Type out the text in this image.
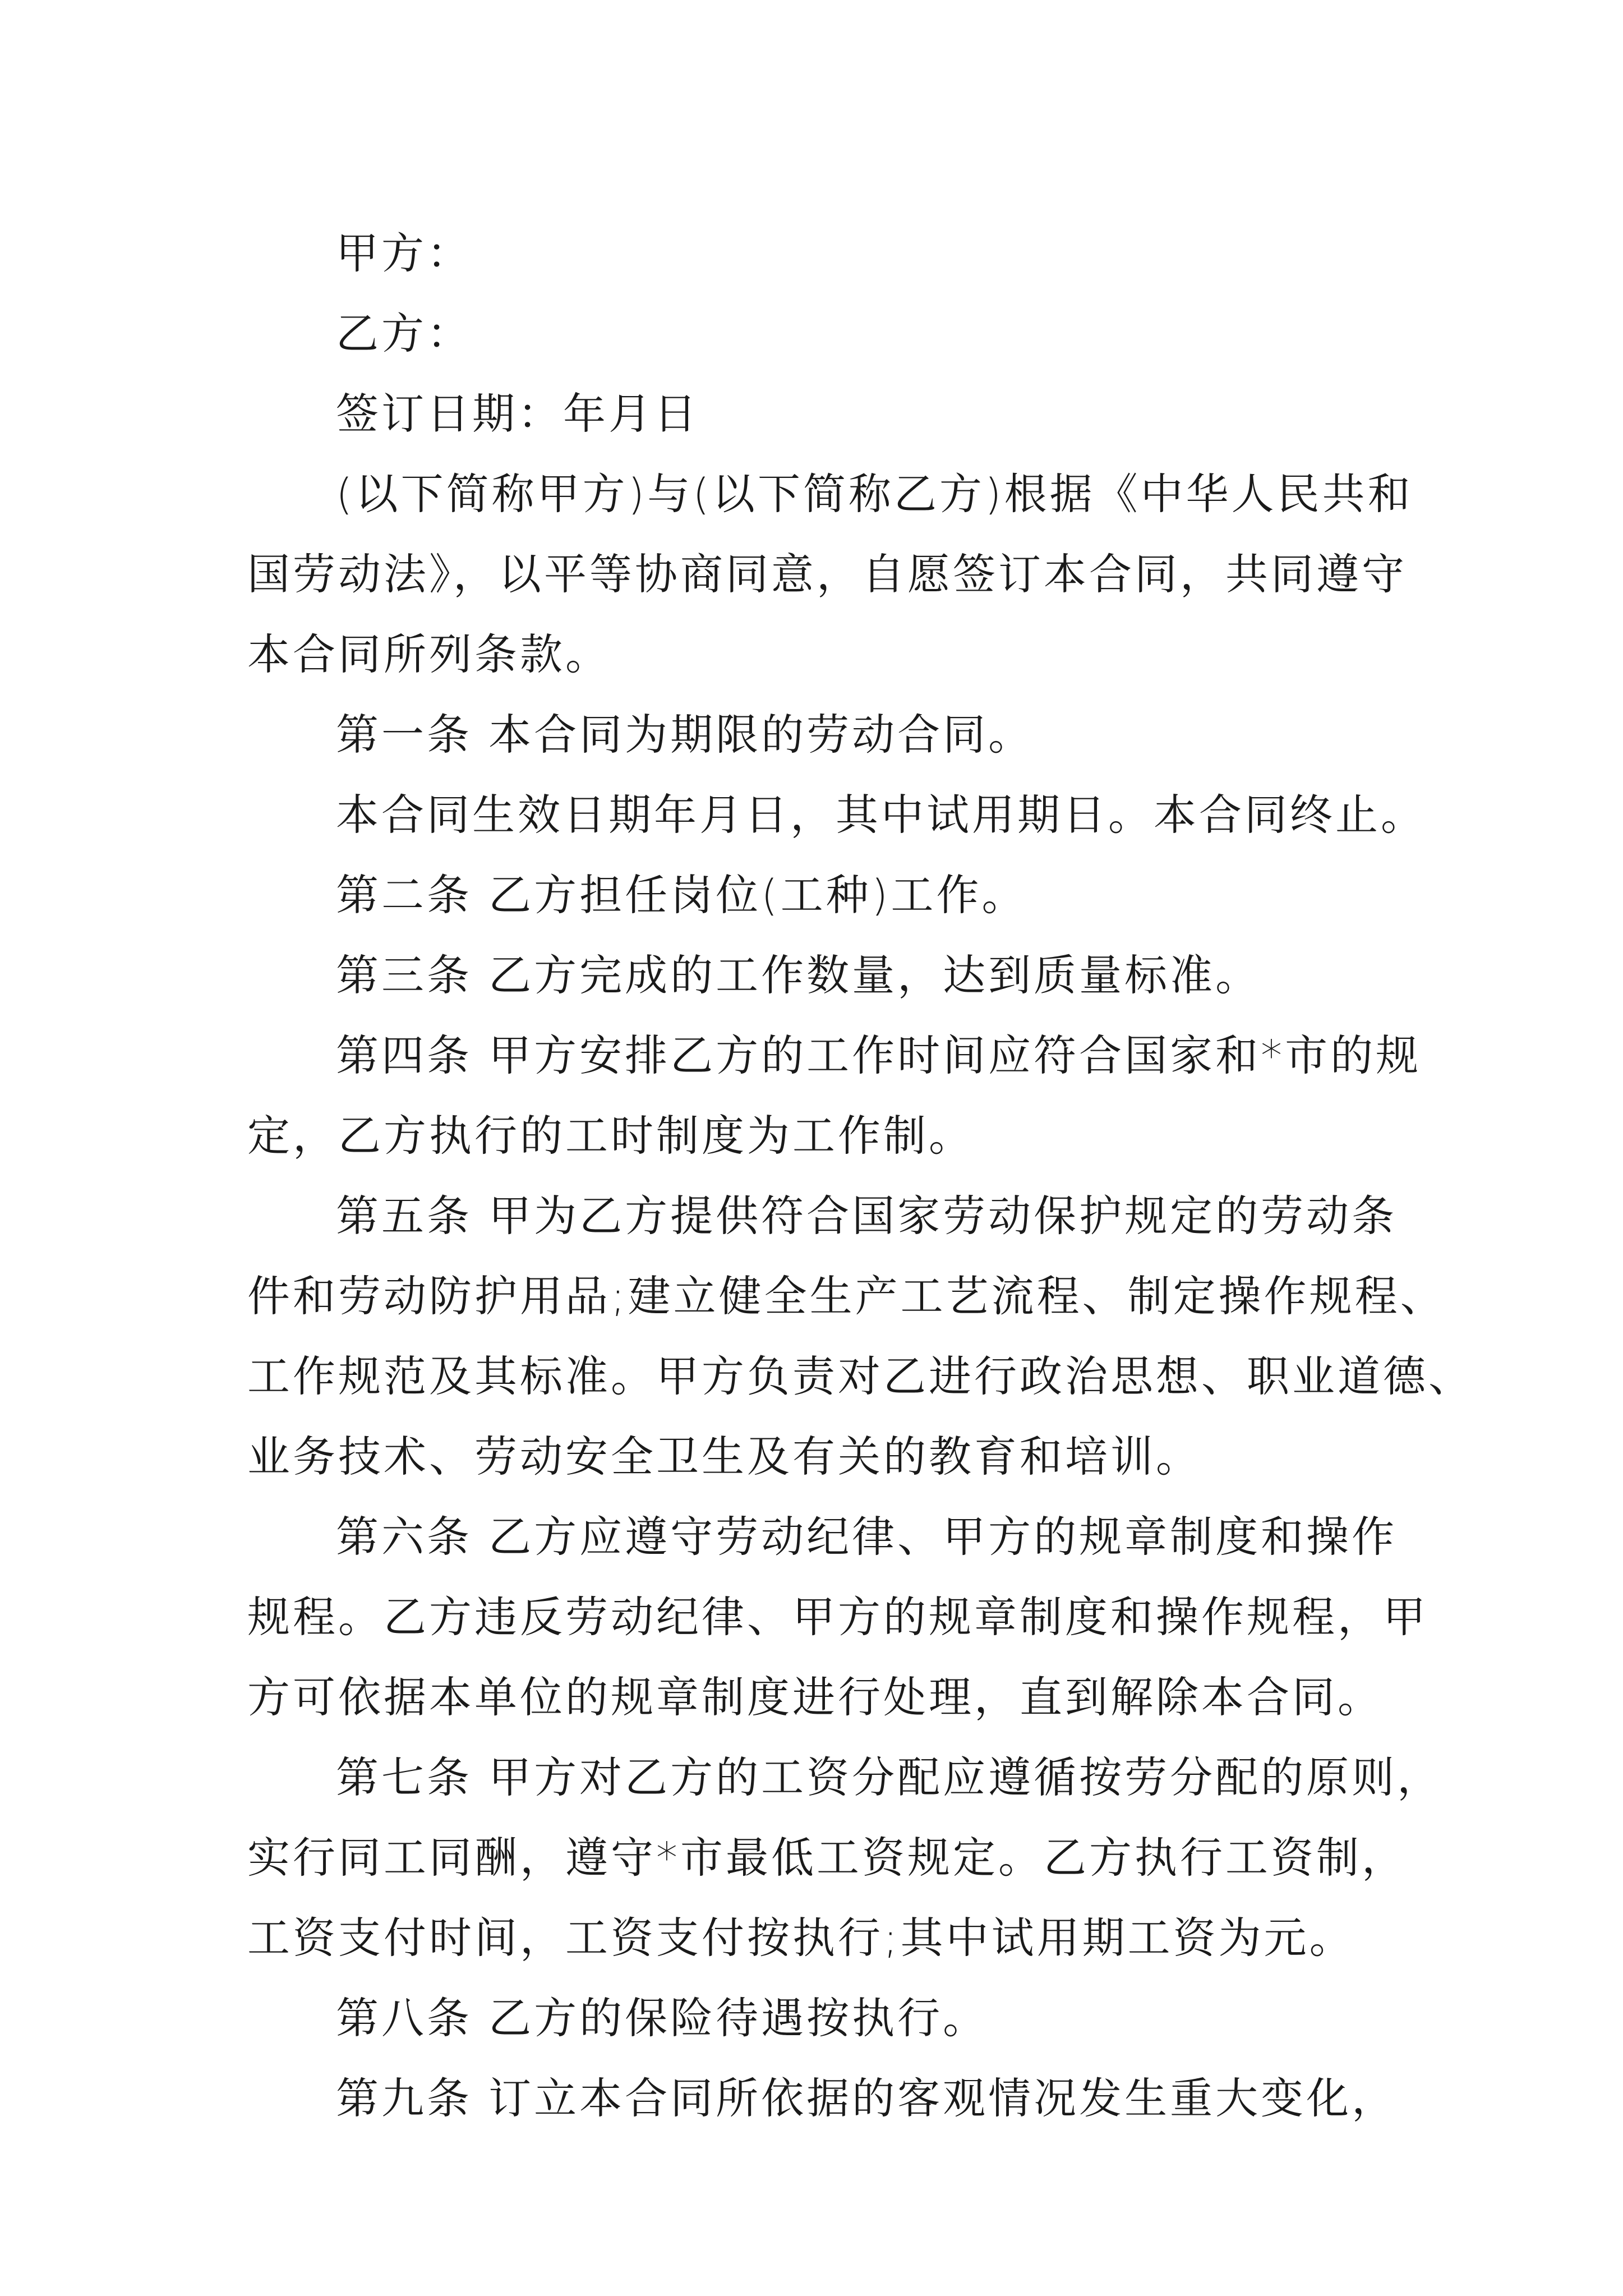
甲方：
乙方：
签订日期：年月日
(以下简称甲方)与(以下简称乙方)根据《中华人民共和
国劳动法》，以平等协商同意，自愿签订本合同，共同遵守
本合同所列条款。
第一条 本合同为期限的劳动合同。
本合同生效日期年月日，其中试用期日。本合同终止。
第二条 乙方担任岗位(工种)工作。
第三条 乙方完成的工作数量，达到质量标准。
第四条 甲方安排乙方的工作时间应符合国家和*市的规
定，乙方执行的工时制度为工作制。
第五条 甲为乙方提供符合国家劳动保护规定的劳动条
件和劳动防护用品;建立健全生产工艺流程、制定操作规程、
工作规范及其标准。甲方负责对乙进行政治思想、职业道德、
业务技术、劳动安全卫生及有关的教育和培训。
第六条 乙方应遵守劳动纪律、甲方的规章制度和操作
规程。乙方违反劳动纪律、甲方的规章制度和操作规程，甲
方可依据本单位的规章制度进行处理，直到解除本合同。
第七条 甲方对乙方的工资分配应遵循按劳分配的原则，
实行同工同酬，遵守*市最低工资规定。乙方执行工资制，
工资支付时间，工资支付按执行;其中试用期工资为元。
第八条 乙方的保险待遇按执行。
第九条 订立本合同所依据的客观情况发生重大变化，
